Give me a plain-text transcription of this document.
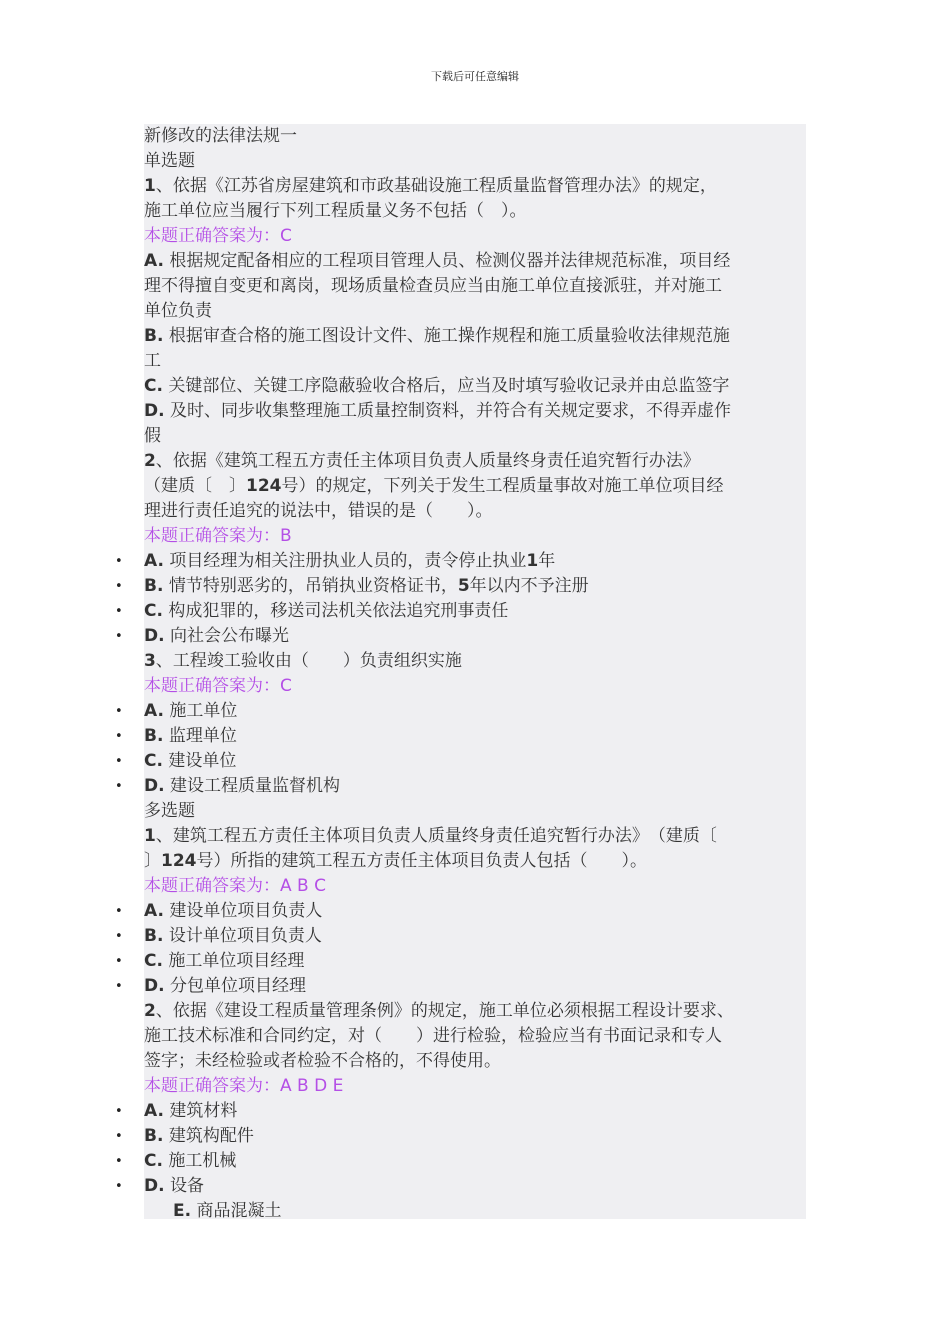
下载后可任意编辑
新修改的法律法规一
单选题
1、依据《江苏省房屋建筑和市政基础设施工程质量监督管理办法》的规定，
施工单位应当履行下列工程质量义务不包括（　）。
本题正确答案为：C
A. 根据规定配备相应的工程项目管理人员、检测仪器并法律规范标准，项目经
理不得擅自变更和离岗，现场质量检查员应当由施工单位直接派驻，并对施工
单位负责
B. 根据审查合格的施工图设计文件、施工操作规程和施工质量验收法律规范施
工
C. 关键部位、关键工序隐蔽验收合格后，应当及时填写验收记录并由总监签字
D. 及时、同步收集整理施工质量控制资料，并符合有关规定要求，不得弄虚作
假
2、依据《建筑工程五方责任主体项目负责人质量终身责任追究暂行办法》
（建质〔　〕124号）的规定，下列关于发生工程质量事故对施工单位项目经
理进行责任追究的说法中，错误的是（　　）。
本题正确答案为：B
• A. 项目经理为相关注册执业人员的，责令停止执业1年
• B. 情节特别恶劣的，吊销执业资格证书，5年以内不予注册
• C. 构成犯罪的，移送司法机关依法追究刑事责任
• D. 向社会公布曝光
3、工程竣工验收由（　　）负责组织实施
本题正确答案为：C
• A. 施工单位
• B. 监理单位
• C. 建设单位
• D. 建设工程质量监督机构
多选题
1、建筑工程五方责任主体项目负责人质量终身责任追究暂行办法》　（建质〔
〕124号）所指的建筑工程五方责任主体项目负责人包括（　　）。
本题正确答案为：A B C
• A. 建设单位项目负责人
• B. 设计单位项目负责人
• C. 施工单位项目经理
• D. 分包单位项目经理
2、依据《建设工程质量管理条例》的规定，施工单位必须根据工程设计要求、
施工技术标准和合同约定，对（　　）进行检验，检验应当有书面记录和专人
签字；未经检验或者检验不合格的，不得使用。
本题正确答案为：A B D E
• A. 建筑材料
• B. 建筑构配件
• C. 施工机械
• D. 设备
E. 商品混凝土
